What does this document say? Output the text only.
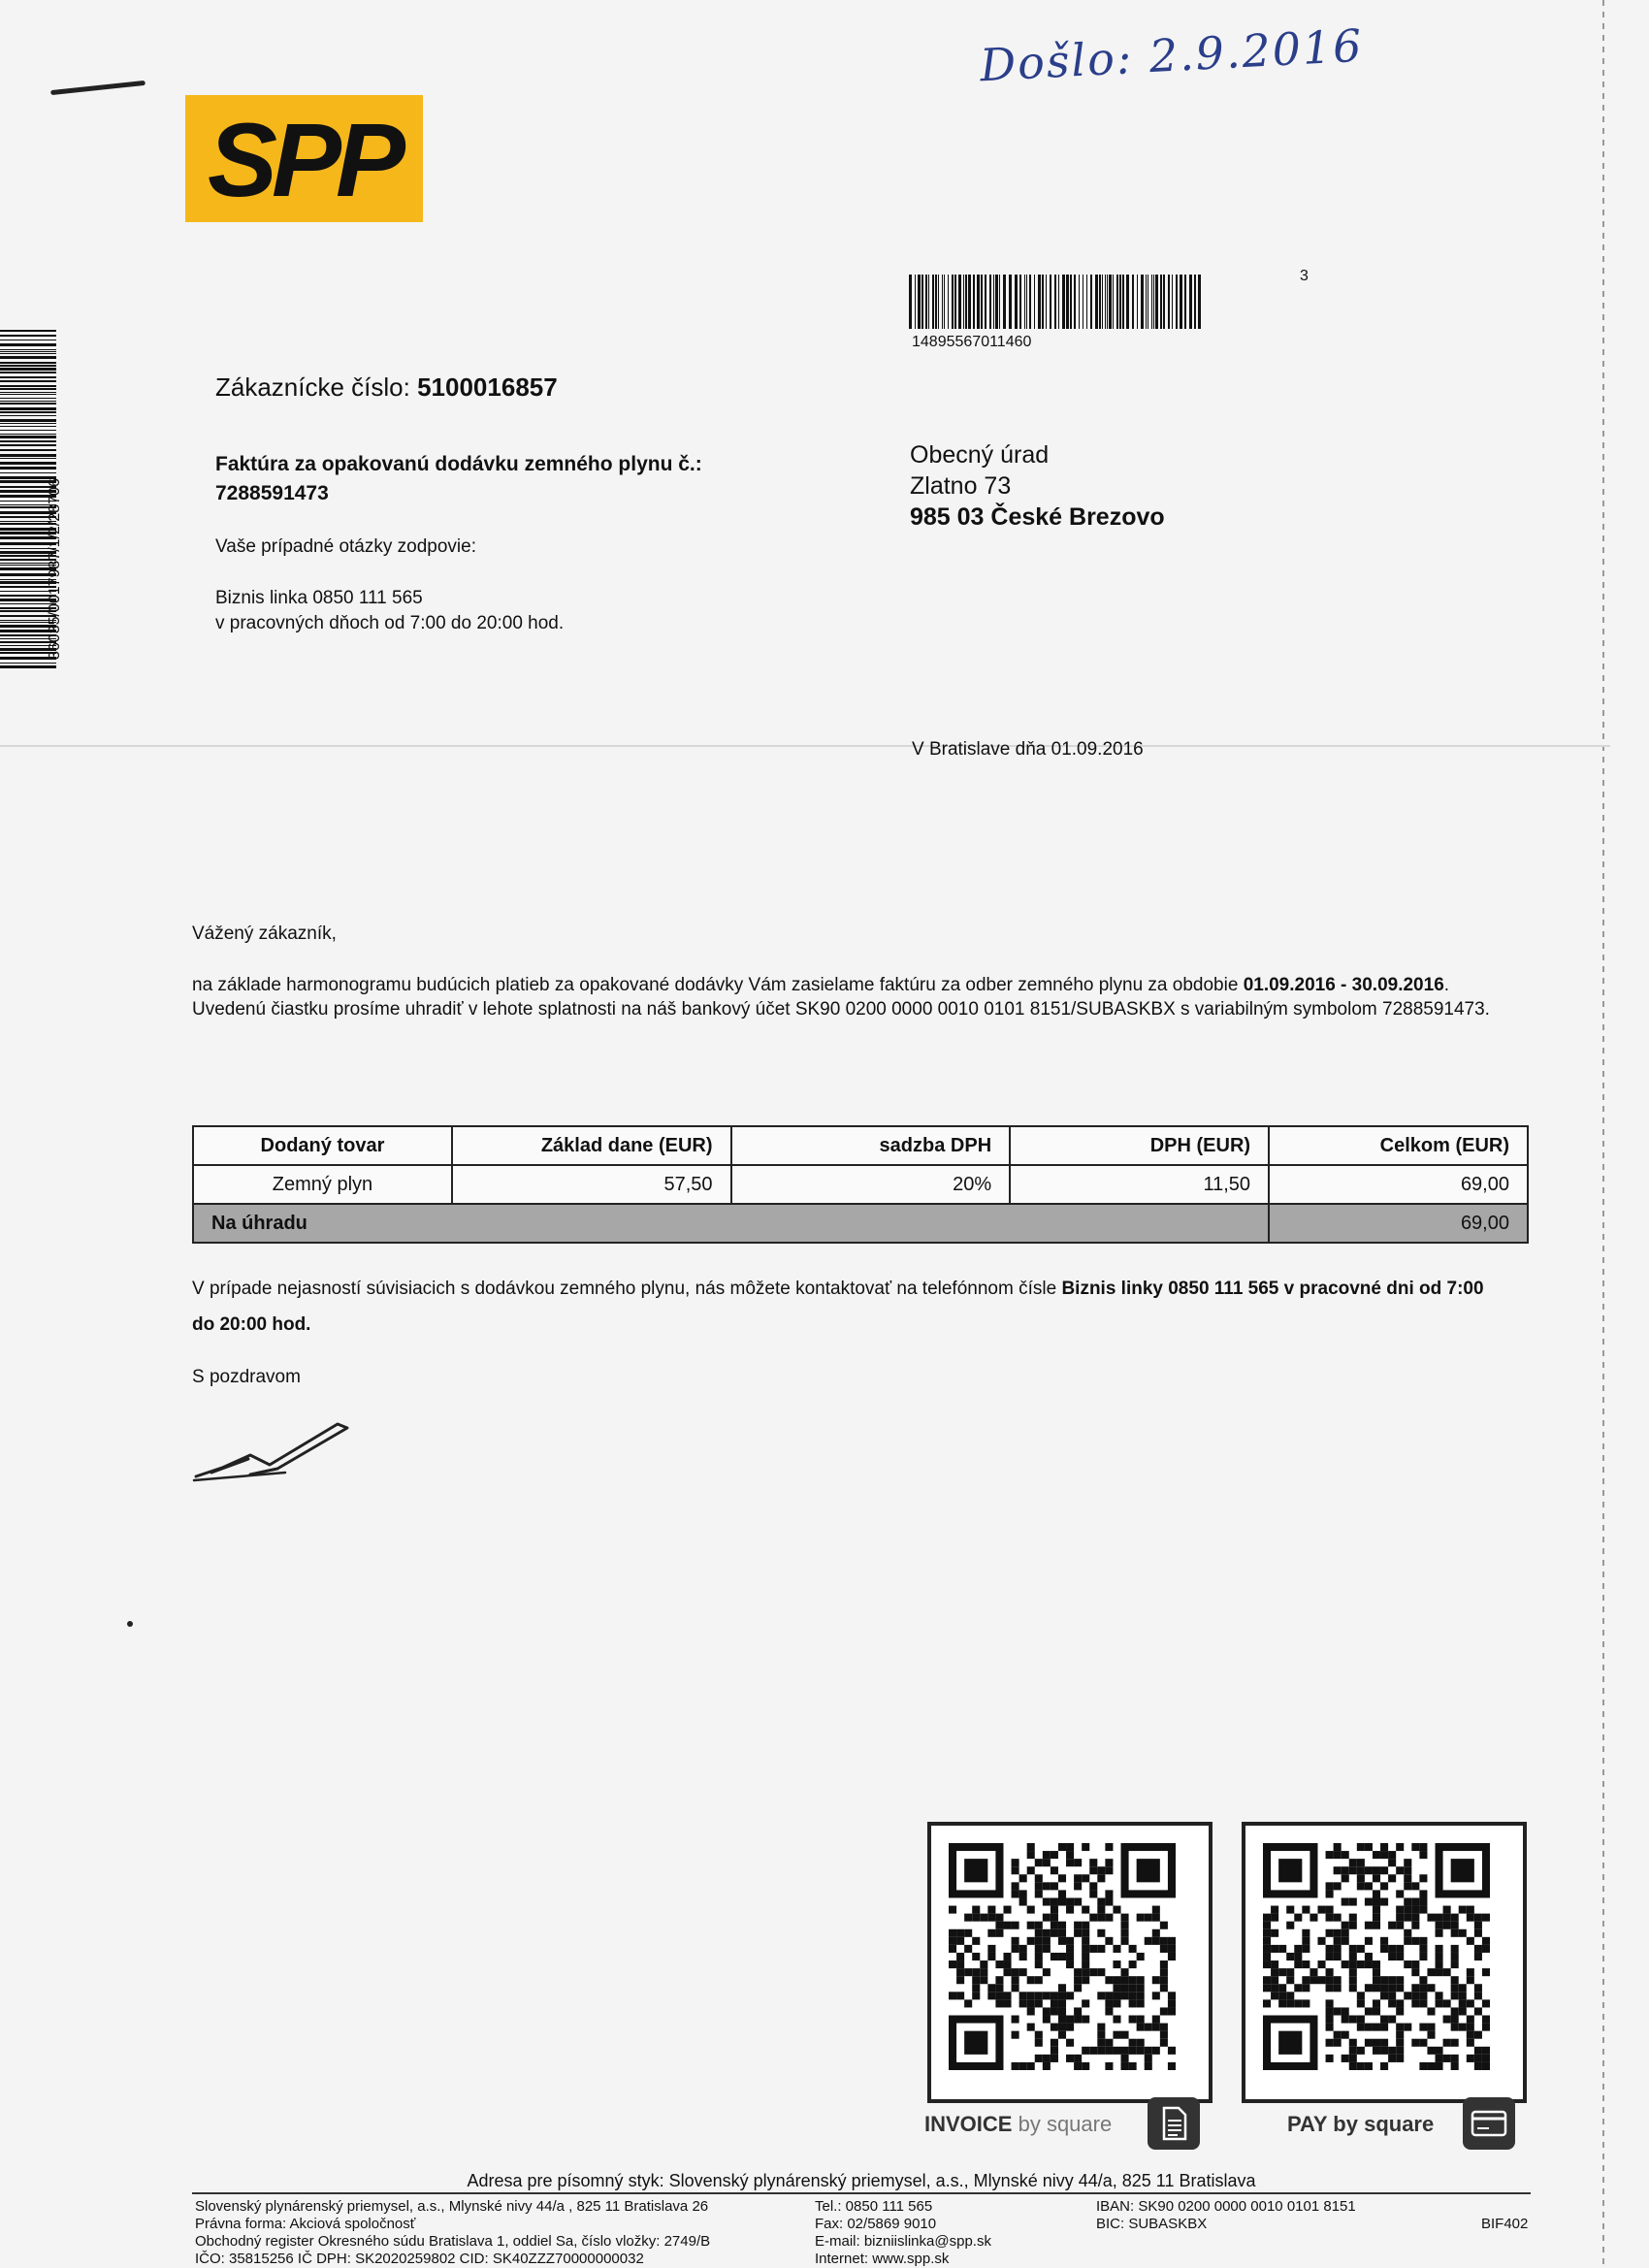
Došlo: 2.9.2016
SPP
14895567011460
3
36035/0017987/1/2/28706
Zákaznícke číslo: 5100016857
Faktúra za opakovanú dodávku zemného plynu č.:
7288591473
Vaše prípadné otázky zodpovie:
Biznis linka 0850 111 565
v pracovných dňoch od 7:00 do 20:00 hod.
Obecný úrad
Zlatno 73
985 03 České Brezovo
V Bratislave dňa 01.09.2016
Vážený zákazník,
na základe harmonogramu budúcich platieb za opakované dodávky Vám zasielame faktúru za odber zemného plynu za obdobie 01.09.2016 - 30.09.2016.
Uvedenú čiastku prosíme uhradiť v lehote splatnosti na náš bankový účet SK90 0200 0000 0010 0101 8151/SUBASKBX s variabilným symbolom 7288591473.
Dodaný tovar	Základ dane (EUR)	sadzba DPH	DPH (EUR)	Celkom (EUR)
Zemný plyn	57,50	20%	11,50	69,00
Na úhradu				69,00
V prípade nejasností súvisiacich s dodávkou zemného plynu, nás môžete kontaktovať na telefónnom čísle Biznis linky 0850 111 565 v pracovné dni od 7:00 do 20:00 hod.
S pozdravom
INVOICE by square	PAY by square
Adresa pre písomný styk: Slovenský plynárenský priemysel, a.s., Mlynské nivy 44/a, 825 11 Bratislava
Slovenský plynárenský priemysel, a.s., Mlynské nivy 44/a , 825 11 Bratislava 26
Právna forma: Akciová spoločnosť
Obchodný register Okresného súdu Bratislava 1, oddiel Sa, číslo vložky: 2749/B
IČO: 35815256 IČ DPH: SK2020259802 CID: SK40ZZZ70000000032
Tel.: 0850 111 565
Fax: 02/5869 9010
E-mail: bizniislinka@spp.sk
Internet: www.spp.sk
IBAN: SK90 0200 0000 0010 0101 8151
BIC: SUBASKBX	BIF402
